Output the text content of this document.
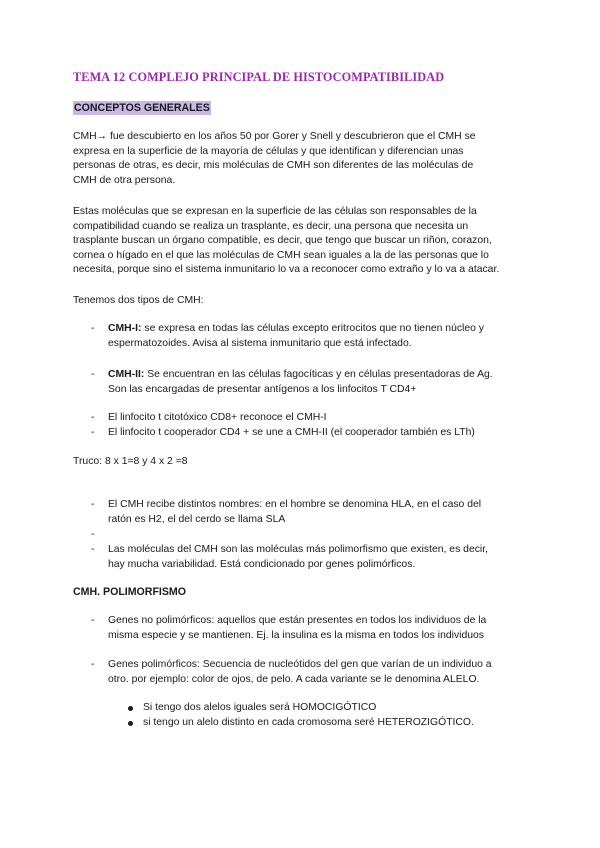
TEMA 12 COMPLEJO PRINCIPAL DE HISTOCOMPATIBILIDAD
CONCEPTOS GENERALES
CMH→ fue descubierto en los años 50 por Gorer y Snell y descubrieron que el CMH se
expresa en la superficie de la mayoría de células y que identifican y diferencian unas
personas de otras, es decir, mis moléculas de CMH son diferentes de las moléculas de
CMH de otra persona.
Estas moléculas que se expresan en la superficie de las células son responsables de la
compatibilidad cuando se realiza un trasplante, es decir, una persona que necesita un
trasplante buscan un órgano compatible, es decir, que tengo que buscar un riñon, corazon,
cornea o hígado en el que las moléculas de CMH sean iguales a la de las personas que lo
necesita, porque sino el sistema inmunitario lo va a reconocer como extraño y lo va a atacar.
Tenemos dos tipos de CMH:
- CMH-I: se expresa en todas las células excepto eritrocitos que no tienen núcleo y
espermatozoides. Avisa al sistema inmunitario que está infectado.
- CMH-II: Se encuentran en las células fagocíticas y en células presentadoras de Ag.
Son las encargadas de presentar antígenos a los linfocitos T CD4+
- El linfocito t citotóxico CD8+ reconoce el CMH-I
- El linfocito t cooperador CD4 + se une a CMH-II (el cooperador también es LTh)
Truco: 8 x 1=8 y 4 x 2 =8
- El CMH recibe distintos nombres: en el hombre se denomina HLA, en el caso del
ratón es H2, el del cerdo se llama SLA
-
- Las moléculas del CMH son las moléculas más polimorfismo que existen, es decir,
hay mucha variabilidad. Está condicionado por genes polimórficos.
CMH. POLIMORFISMO
- Genes no polimórficos: aquellos que están presentes en todos los individuos de la
misma especie y se mantienen. Ej. la insulina es la misma en todos los individuos
- Genes polimórficos: Secuencia de nucleótidos del gen que varían de un individuo a
otro. por ejemplo: color de ojos, de pelo. A cada variante se le denomina ALELO.
Si tengo dos alelos iguales será HOMOCIGÓTICO
si tengo un alelo distinto en cada cromosoma seré HETEROZIGÓTICO.
